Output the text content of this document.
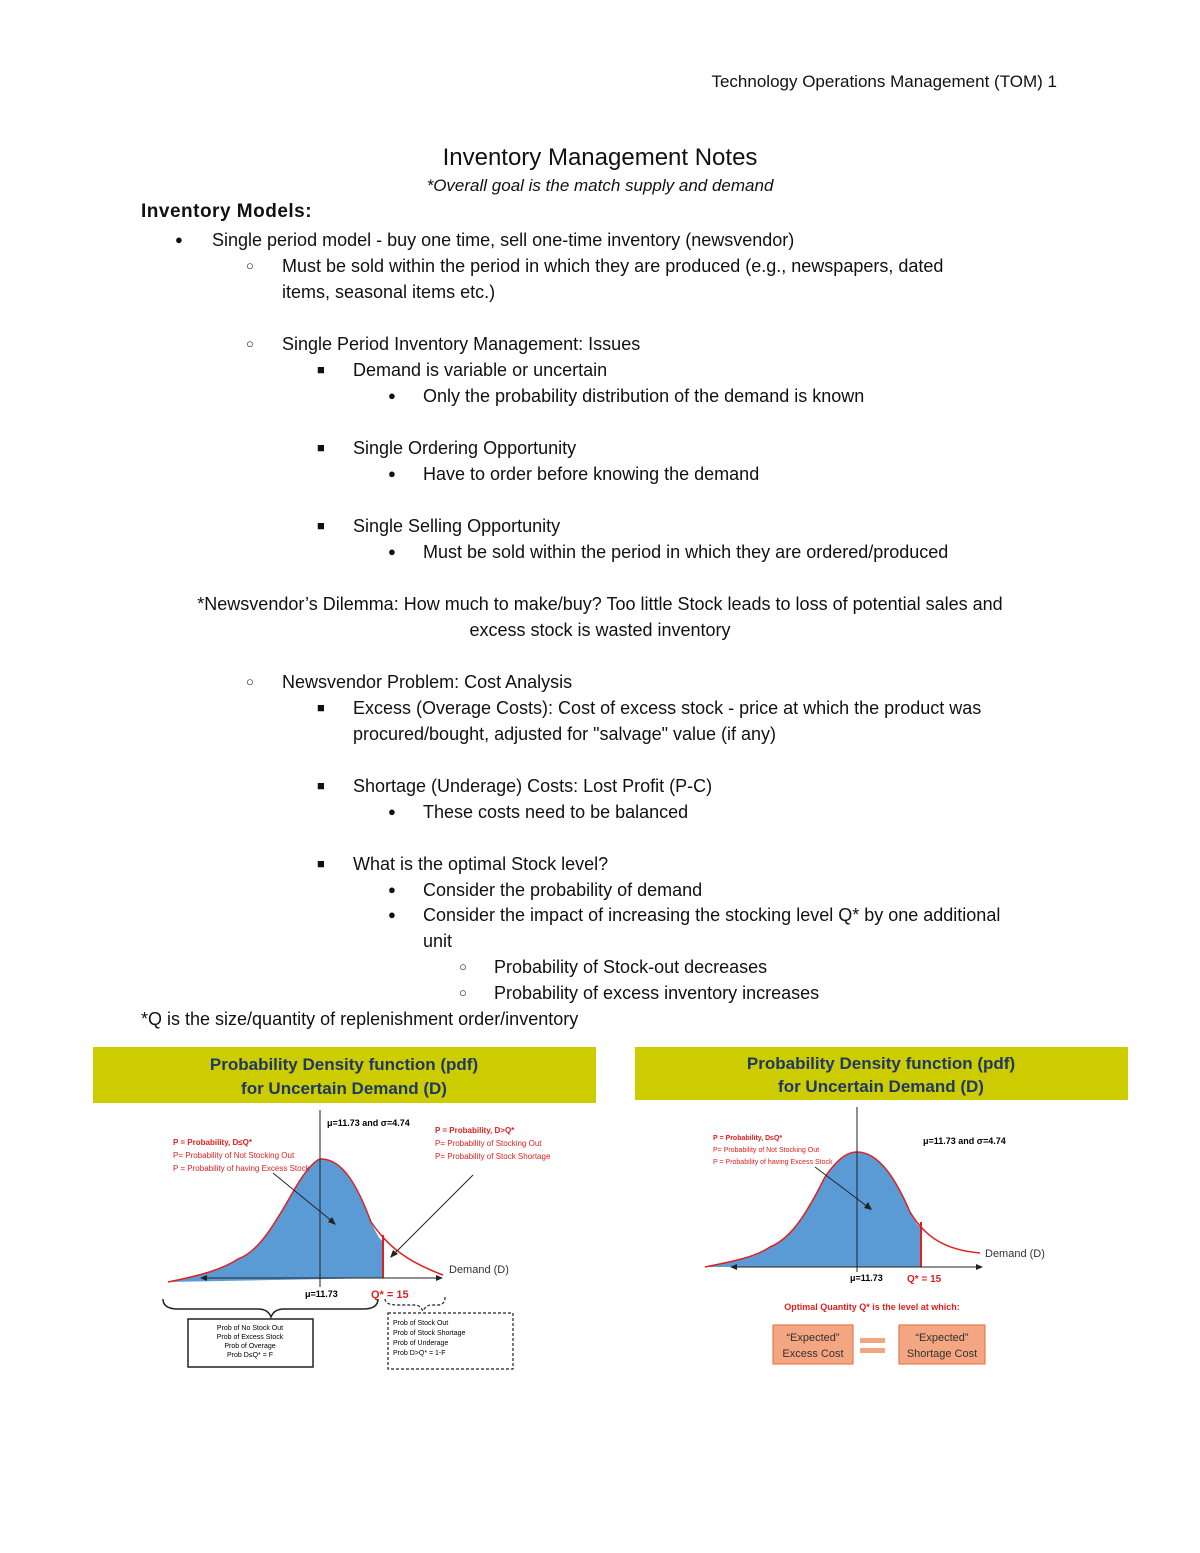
Technology Operations Management (TOM) 1
Inventory Management Notes
*Overall goal is the match supply and demand
Inventory Models:
● Single period model - buy one time, sell one-time inventory (newsvendor)
○ Must be sold within the period in which they are produced (e.g., newspapers, dated
items, seasonal items etc.)
○ Single Period Inventory Management: Issues
■ Demand is variable or uncertain
● Only the probability distribution of the demand is known
■ Single Ordering Opportunity
● Have to order before knowing the demand
■ Single Selling Opportunity
● Must be sold within the period in which they are ordered/produced
*Newsvendor’s Dilemma: How much to make/buy? Too little Stock leads to loss of potential sales and
excess stock is wasted inventory
○ Newsvendor Problem: Cost Analysis
■ Excess (Overage Costs): Cost of excess stock - price at which the product was
procured/bought, adjusted for "salvage" value (if any)
■ Shortage (Underage) Costs: Lost Profit (P-C)
● These costs need to be balanced
■ What is the optimal Stock level?
● Consider the probability of demand
● Consider the impact of increasing the stocking level Q* by one additional
unit
○ Probability of Stock-out decreases
○ Probability of excess inventory increases
*Q is the size/quantity of replenishment order/inventory
Probability Density function (pdf)
for Uncertain Demand (D)
μ=11.73 and σ=4.74
P = Probability, D≤Q*
P= Probability of Not Stocking Out
P = Probability of having Excess Stock
P = Probability, D>Q*
P= Probability of Stocking Out
P= Probability of Stock Shortage
Demand (D)
μ=11.73	Q* = 15
Prob of No Stock Out
Prob of Excess Stock
Prob of Overage
Prob D≤Q* = F
Prob of Stock Out
Prob of Stock Shortage
Prob of Underage
Prob D>Q* = 1-F
Probability Density function (pdf)
for Uncertain Demand (D)
μ=11.73 and σ=4.74
P = Probability, D≤Q*
P= Probability of Not Stocking Out
P = Probability of having Excess Stock
Demand (D)
μ=11.73 Q* = 15
Optimal Quantity Q* is the level at which:
“Expected”
Excess Cost
“Expected”
Shortage Cost
